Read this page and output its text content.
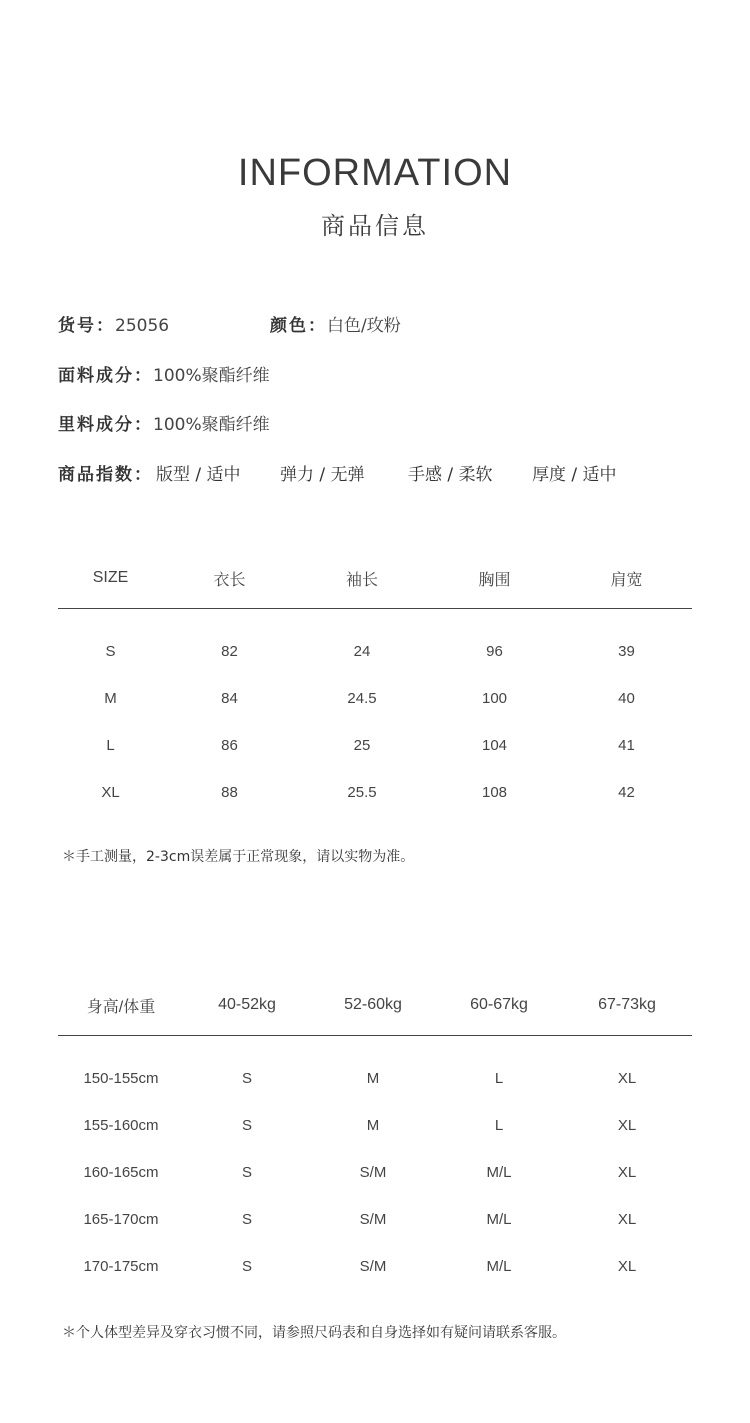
INFORMATION
商品信息
货号：25056	颜色：白色/玫粉
面料成分：100%聚酯纤维
里料成分：100%聚酯纤维
商品指数： 版型 / 适中 弹力 / 无弹	手感 / 柔软 厚度 / 适中
SIZE	衣长	袖长	胸围	肩宽

S	82	24	96	39
M	84	24.5	100	40
L	86	25	104	41
XL	88	25.5	108	42
＊手工测量，2-3cm误差属于正常现象，请以实物为准。
身高/体重	40-52kg	52-60kg	60-67kg	67-73kg

150-155cm	S	M	L	XL
155-160cm	S	M	L	XL
160-165cm	S	S/M	M/L	XL
165-170cm	S	S/M	M/L	XL
170-175cm	S	S/M	M/L	XL
＊个人体型差异及穿衣习惯不同，请参照尺码表和自身选择如有疑问请联系客服。
